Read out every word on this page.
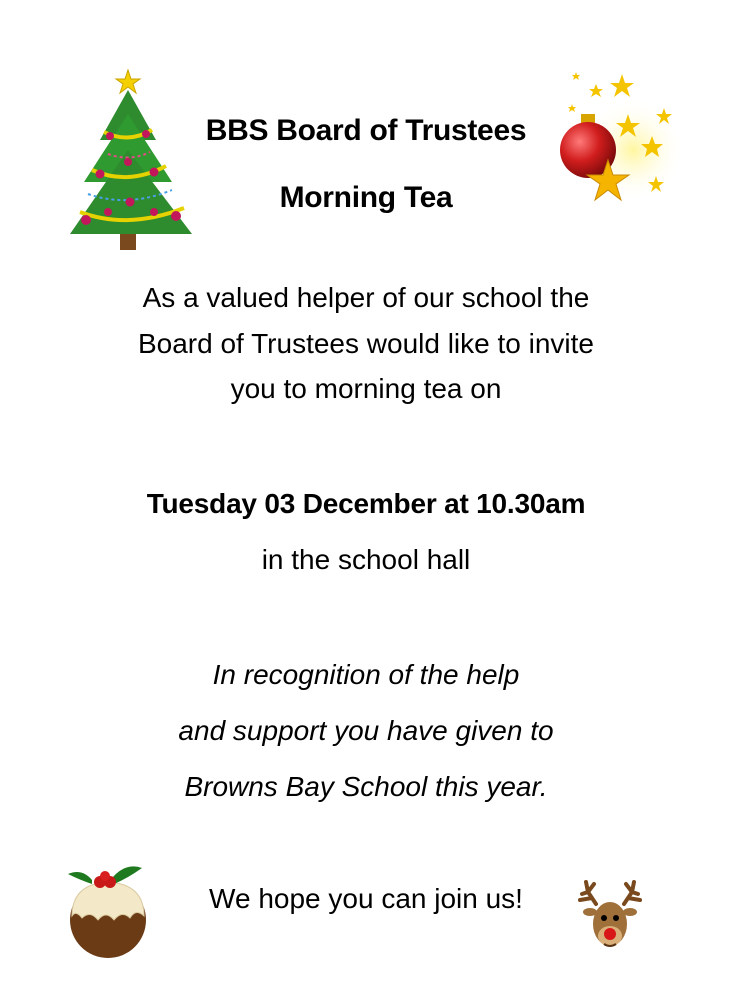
BBS Board of Trustees
Morning Tea
As a valued helper of our school the
Board of Trustees would like to invite
you to morning tea on
Tuesday 03 December at 10.30am
in the school hall
In recognition of the help
and support you have given to
Browns Bay School this year.
We hope you can join us!
